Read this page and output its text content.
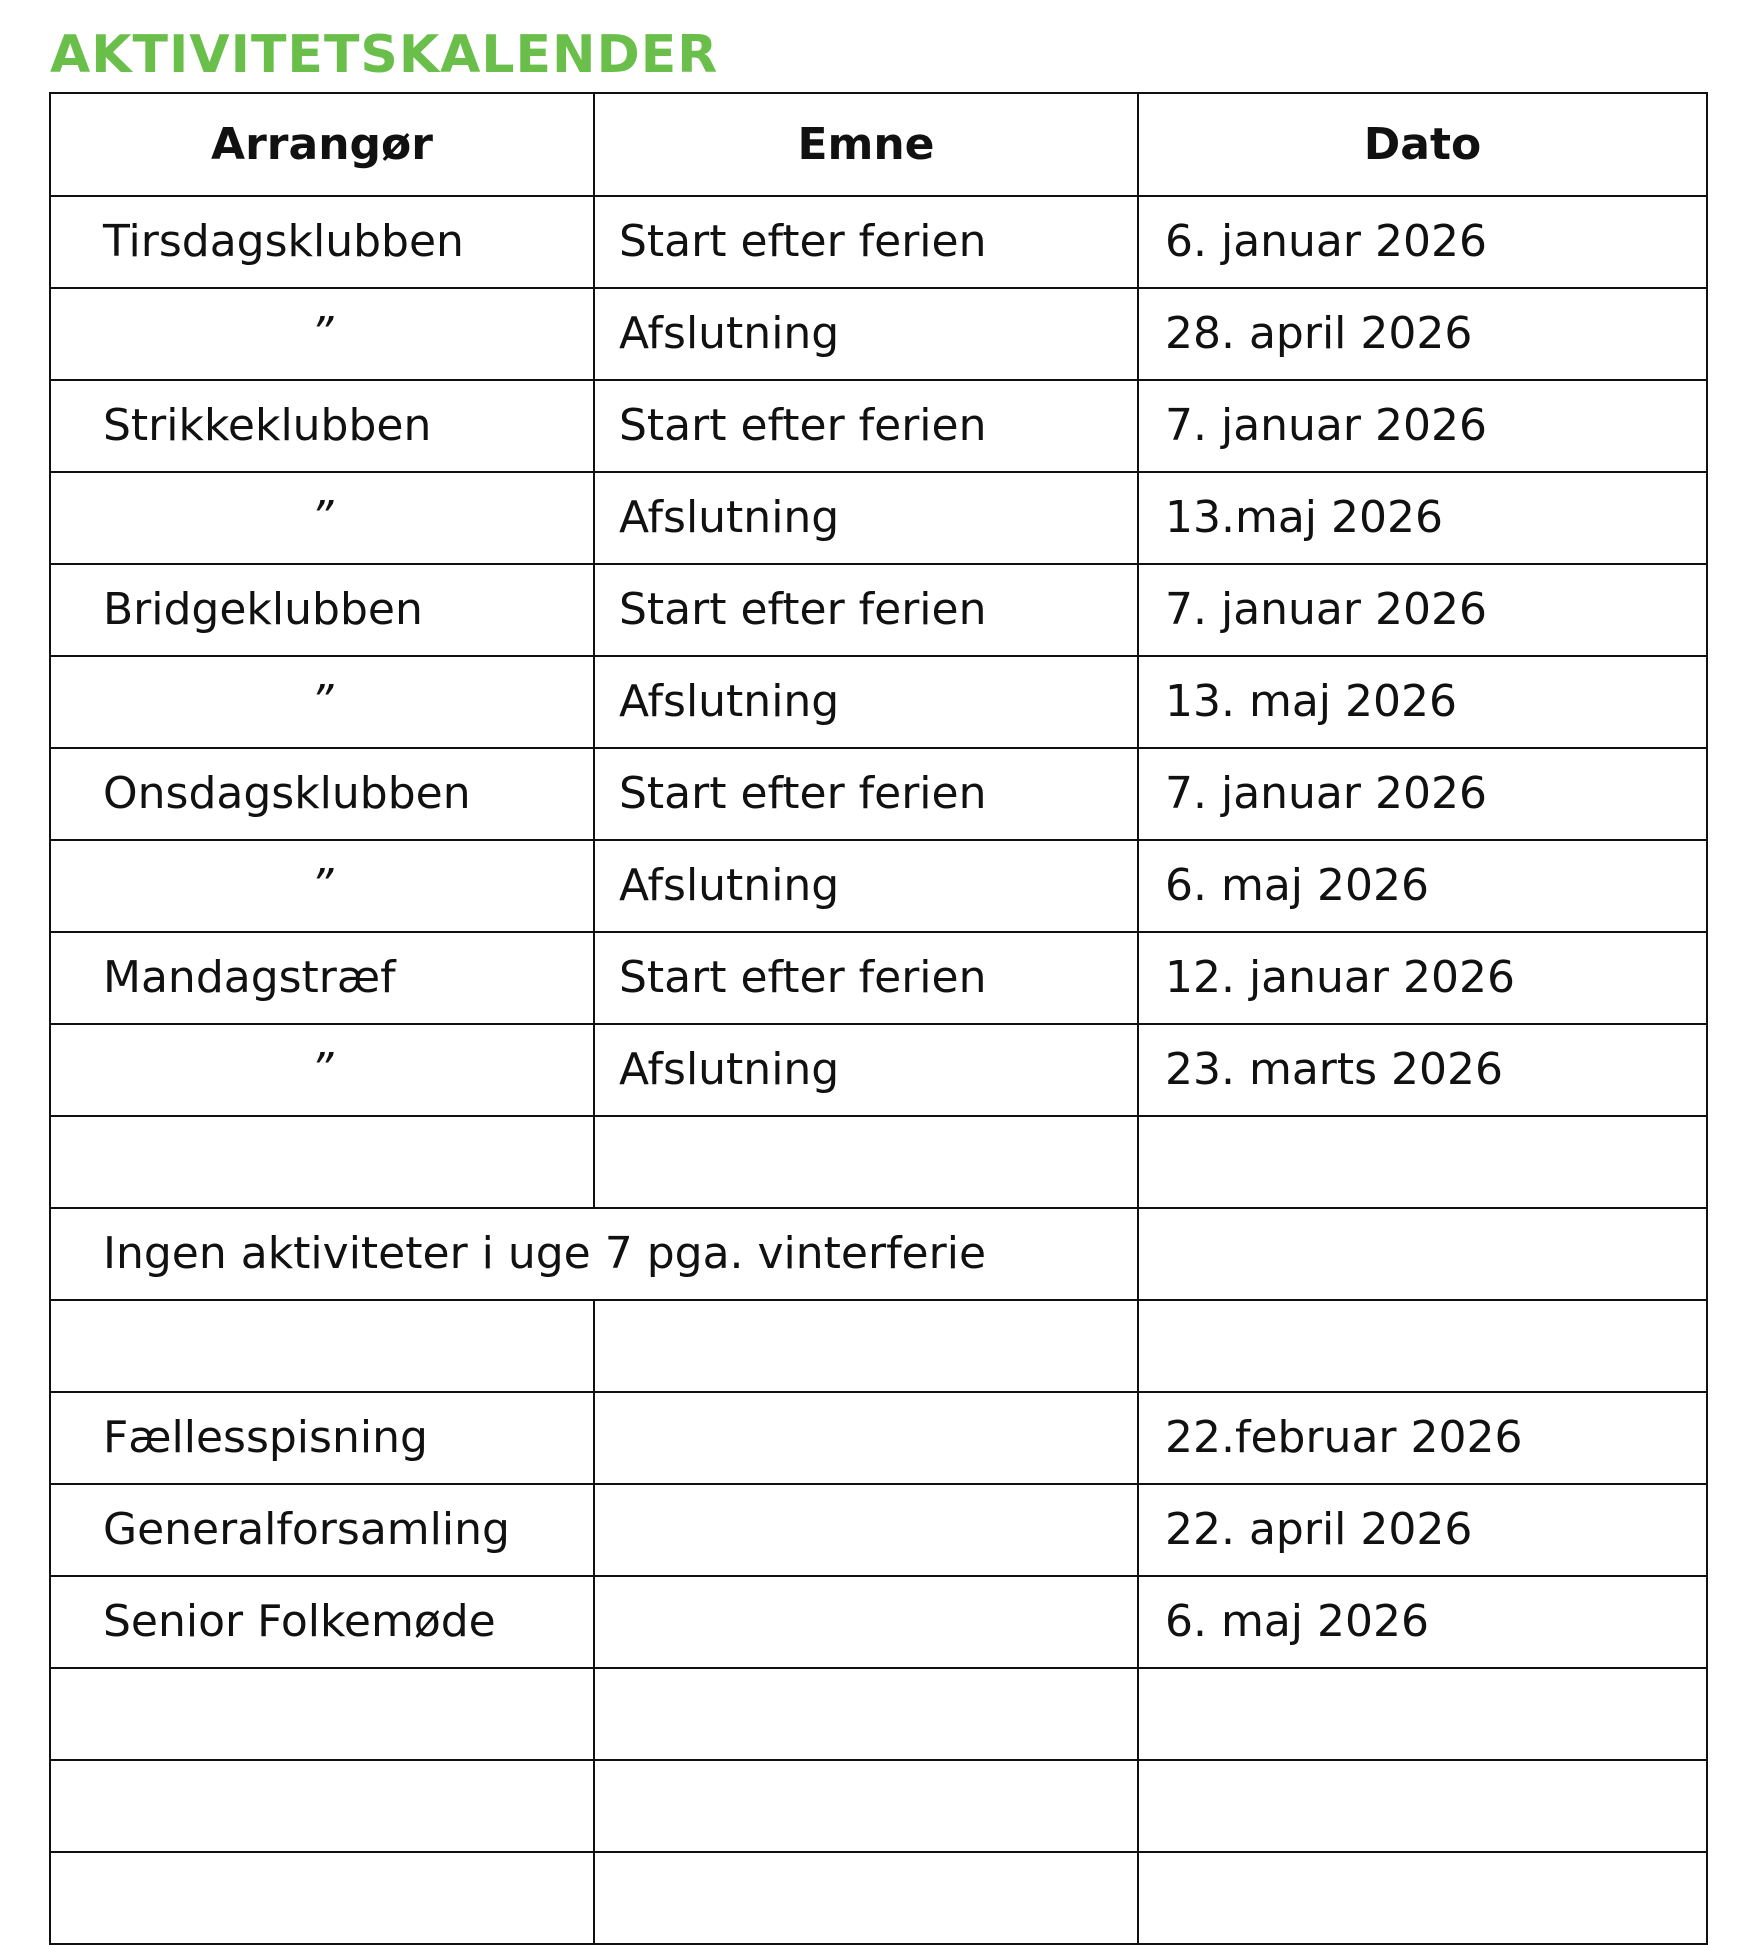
AKTIVITETSKALENDER
Arrangør	Emne	Dato
Tirsdagsklubben	Start efter ferien	6. januar 2026
”	Afslutning	28. april 2026
Strikkeklubben	Start efter ferien	7. januar 2026
”	Afslutning	13.maj 2026
Bridgeklubben	Start efter ferien	7. januar 2026
”	Afslutning	13. maj 2026
Onsdagsklubben	Start efter ferien	7. januar 2026
”	Afslutning	6. maj 2026
Mandagstræf	Start efter ferien	12. januar 2026
”	Afslutning	23. marts 2026

Ingen aktiviteter i uge 7 pga. vinterferie		

Fællesspisning		22.februar 2026
Generalforsamling		22. april 2026
Senior Folkemøde		6. maj 2026
